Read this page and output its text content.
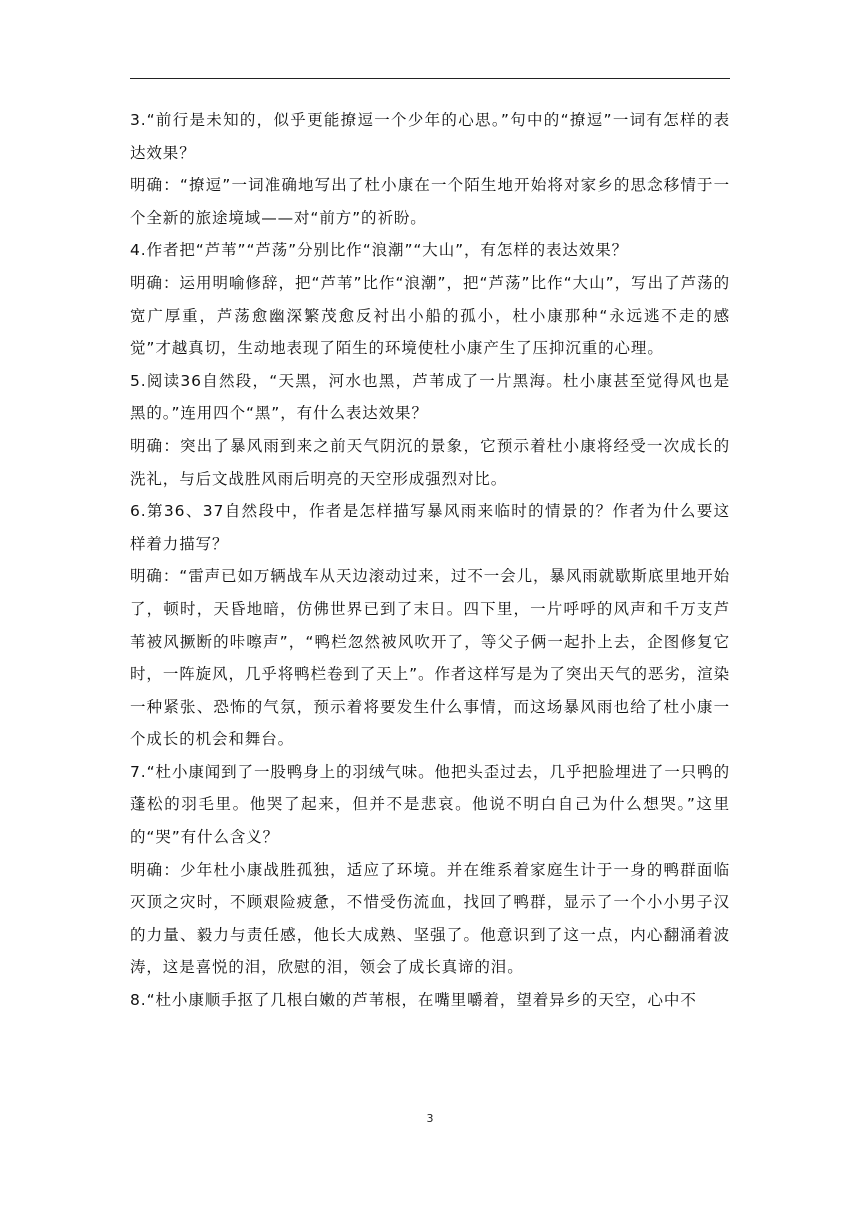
3.“前行是未知的，似乎更能撩逗一个少年的心思。”句中的“撩逗”一词有怎样的表达效果？

明确：“撩逗”一词准确地写出了杜小康在一个陌生地开始将对家乡的思念移情于一个全新的旅途境域——对“前方”的祈盼。

4.作者把“芦苇”“芦荡”分别比作“浪潮”“大山”，有怎样的表达效果？

明确：运用明喻修辞，把“芦苇”比作“浪潮”，把“芦荡”比作“大山”，写出了芦荡的宽广厚重，芦荡愈幽深繁茂愈反衬出小船的孤小，杜小康那种“永远逃不走的感觉”才越真切，生动地表现了陌生的环境使杜小康产生了压抑沉重的心理。

5.阅读36自然段，“天黑，河水也黑，芦苇成了一片黑海。杜小康甚至觉得风也是黑的。”连用四个“黑”，有什么表达效果？

明确：突出了暴风雨到来之前天气阴沉的景象，它预示着杜小康将经受一次成长的洗礼，与后文战胜风雨后明亮的天空形成强烈对比。

6.第36、37自然段中，作者是怎样描写暴风雨来临时的情景的？作者为什么要这样着力描写？

明确：“雷声已如万辆战车从天边滚动过来，过不一会儿，暴风雨就歇斯底里地开始了，顿时，天昏地暗，仿佛世界已到了末日。四下里，一片呼呼的风声和千万支芦苇被风撅断的咔嚓声”，“鸭栏忽然被风吹开了，等父子俩一起扑上去，企图修复它时，一阵旋风，几乎将鸭栏卷到了天上”。作者这样写是为了突出天气的恶劣，渲染一种紧张、恐怖的气氛，预示着将要发生什么事情，而这场暴风雨也给了杜小康一个成长的机会和舞台。

7.“杜小康闻到了一股鸭身上的羽绒气味。他把头歪过去，几乎把脸埋进了一只鸭的蓬松的羽毛里。他哭了起来，但并不是悲哀。他说不明白自己为什么想哭。”这里的“哭”有什么含义？

明确：少年杜小康战胜孤独，适应了环境。并在维系着家庭生计于一身的鸭群面临灭顶之灾时，不顾艰险疲惫，不惜受伤流血，找回了鸭群，显示了一个小小男子汉的力量、毅力与责任感，他长大成熟、坚强了。他意识到了这一点，内心翻涌着波涛，这是喜悦的泪，欣慰的泪，领会了成长真谛的泪。

8.“杜小康顺手抠了几根白嫩的芦苇根，在嘴里嚼着，望着异乡的天空，心中不

3
